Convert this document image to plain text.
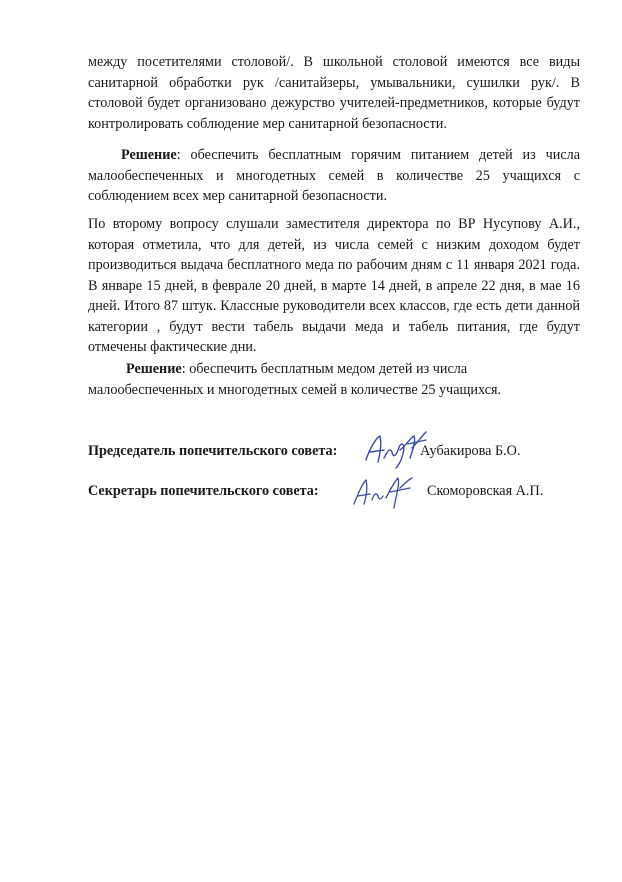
между посетителями столовой/. В школьной столовой имеются все виды санитарной обработки рук /санитайзеры, умывальники, сушилки рук/. В столовой будет организовано дежурство учителей-предметников, которые будут контролировать соблюдение мер санитарной безопасности.

Решение: обеспечить бесплатным горячим питанием детей из числа малообеспеченных и многодетных семей в количестве 25 учащихся с соблюдением всех мер санитарной безопасности.

По второму вопросу слушали заместителя директора по ВР Нусупову А.И., которая отметила, что для детей, из числа семей с низким доходом будет производиться выдача бесплатного меда по рабочим дням с 11 января 2021 года. В январе 15 дней, в феврале 20 дней, в марте 14 дней, в апреле 22 дня, в мае 16 дней. Итого 87 штук. Классные руководители всех классов, где есть дети данной категории , будут вести табель выдачи меда и табель питания, где будут отмечены фактические дни.

Решение: обеспечить бесплатным медом детей из числа малообеспеченных и многодетных семей в количестве 25 учащихся.

Председатель попечительского совета:	Аубакирова Б.О.
Секретарь попечительского совета:	Скоморовская А.П.
